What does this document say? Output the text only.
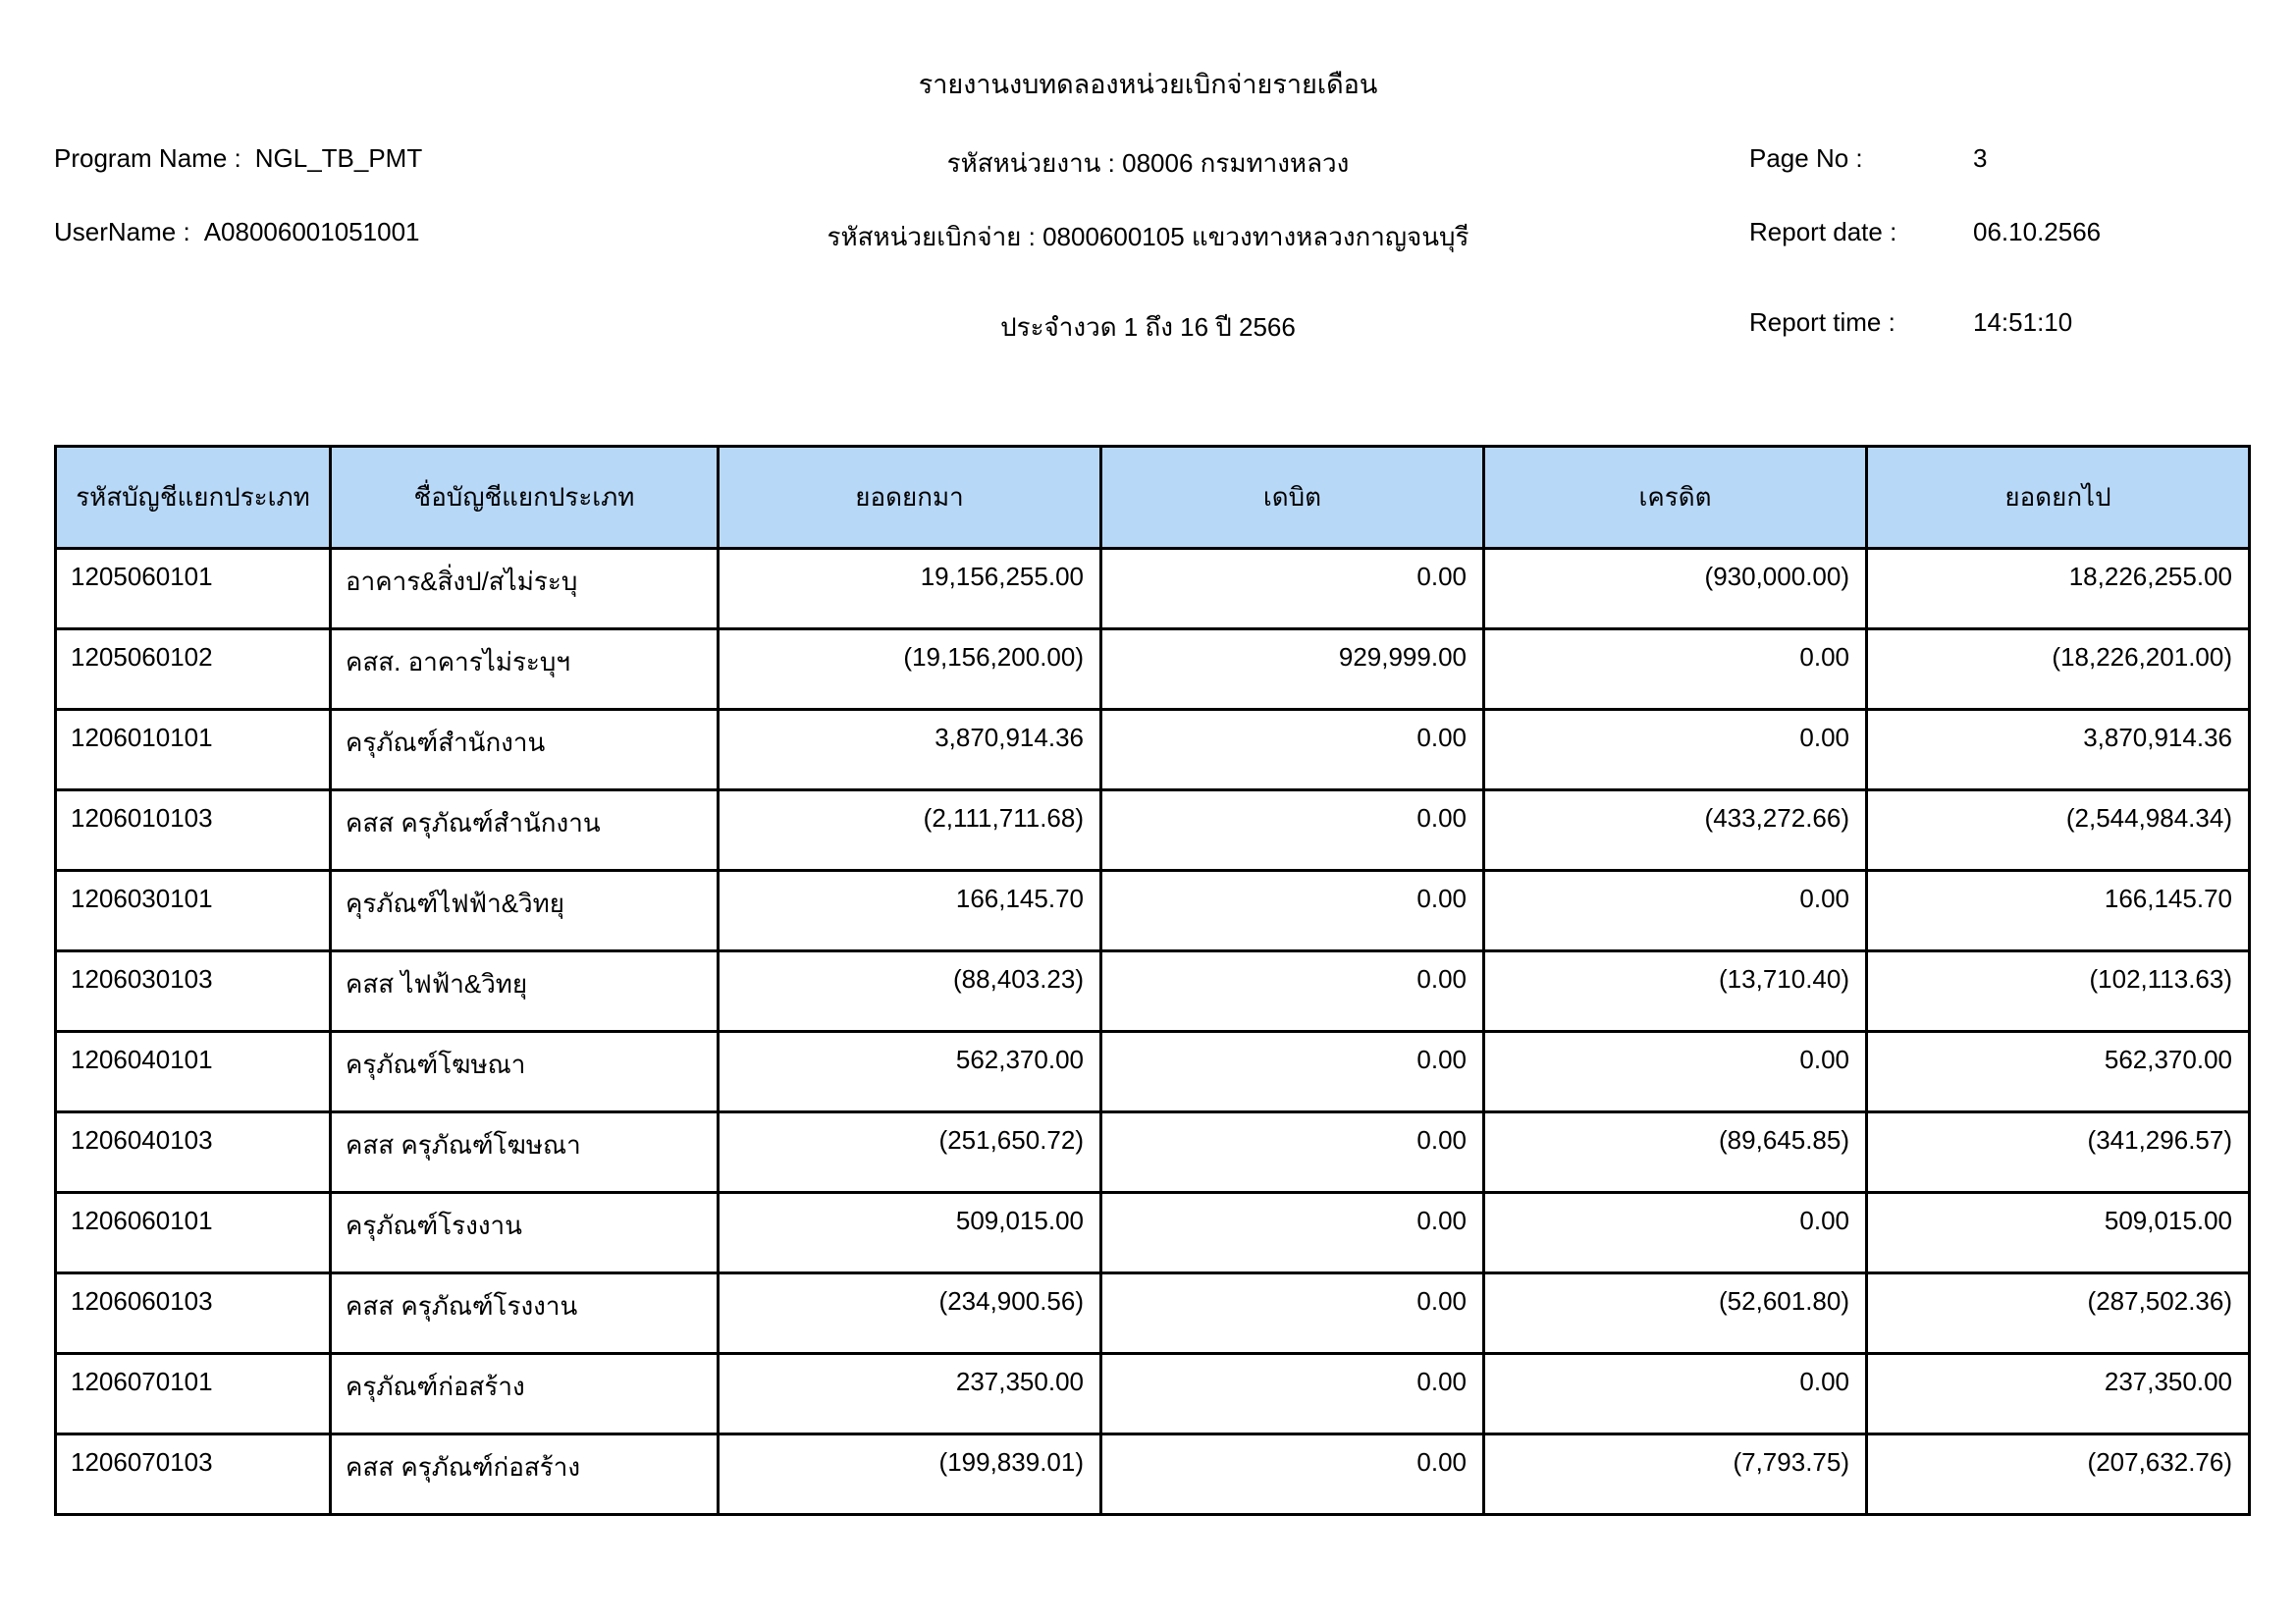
รายงานงบทดลองหน่วยเบิกจ่ายรายเดือน
Program Name : NGL_TB_PMT
UserName : A08006001051001
รหัสหน่วยงาน : 08006 กรมทางหลวง
รหัสหน่วยเบิกจ่าย : 0800600105 แขวงทางหลวงกาญจนบุรี
ประจำงวด 1 ถึง 16 ปี 2566
Page No :	3
Report date :	06.10.2566
Report time :	14:51:10
รหัสบัญชีแยกประเภท	ชื่อบัญชีแยกประเภท	ยอดยกมา	เดบิต	เครดิต	ยอดยกไป
1205060101	อาคาร&สิ่งป/สไม่ระบุ	19,156,255.00	0.00	(930,000.00)	18,226,255.00
1205060102	คสส. อาคารไม่ระบุฯ	(19,156,200.00)	929,999.00	0.00	(18,226,201.00)
1206010101	ครุภัณฑ์สำนักงาน	3,870,914.36	0.00	0.00	3,870,914.36
1206010103	คสส ครุภัณฑ์สำนักงาน	(2,111,711.68)	0.00	(433,272.66)	(2,544,984.34)
1206030101	คุรภัณฑ์ไฟฟ้า&วิทยุ	166,145.70	0.00	0.00	166,145.70
1206030103	คสส ไฟฟ้า&วิทยุ	(88,403.23)	0.00	(13,710.40)	(102,113.63)
1206040101	ครุภัณฑ์โฆษณา	562,370.00	0.00	0.00	562,370.00
1206040103	คสส ครุภัณฑ์โฆษณา	(251,650.72)	0.00	(89,645.85)	(341,296.57)
1206060101	ครุภัณฑ์โรงงาน	509,015.00	0.00	0.00	509,015.00
1206060103	คสส ครุภัณฑ์โรงงาน	(234,900.56)	0.00	(52,601.80)	(287,502.36)
1206070101	ครุภัณฑ์ก่อสร้าง	237,350.00	0.00	0.00	237,350.00
1206070103	คสส ครุภัณฑ์ก่อสร้าง	(199,839.01)	0.00	(7,793.75)	(207,632.76)
